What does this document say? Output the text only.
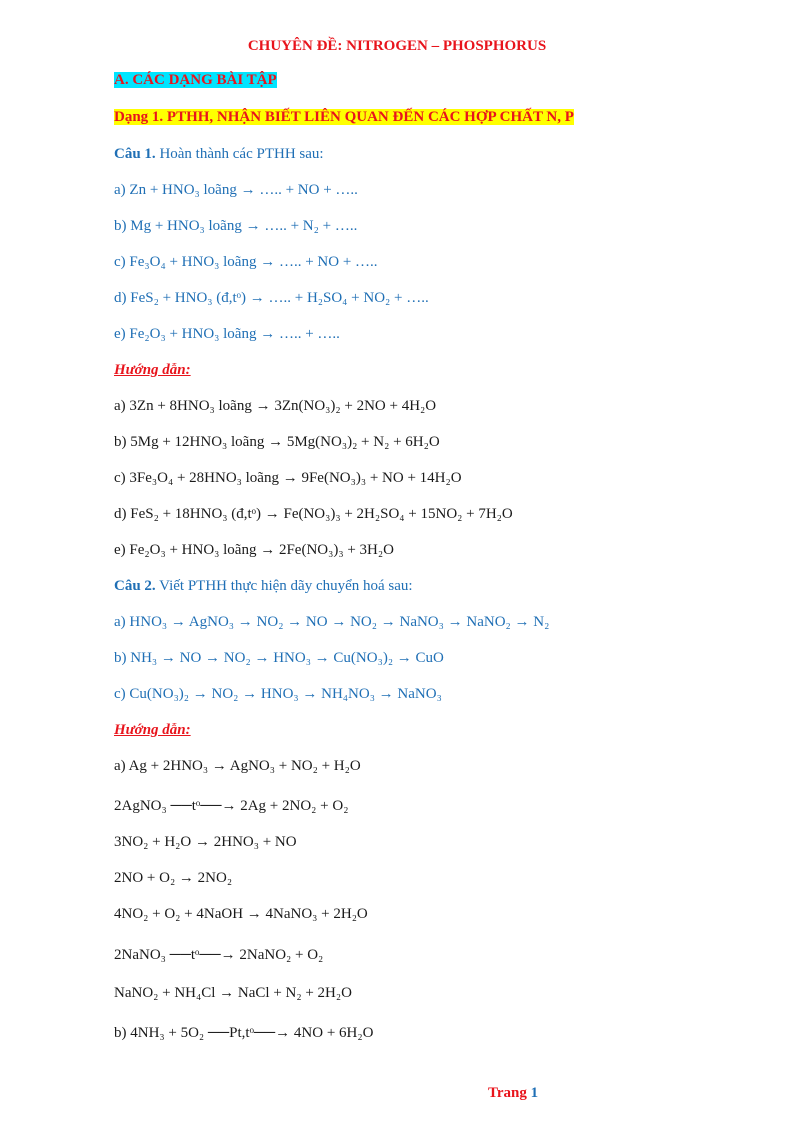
CHUYÊN ĐỀ: NITROGEN – PHOSPHORUS
A. CÁC DẠNG BÀI TẬP
Dạng 1. PTHH, NHẬN BIẾT LIÊN QUAN ĐẾN CÁC HỢP CHẤT N, P
Câu 1. Hoàn thành các PTHH sau:
a) Zn + HNO₃ loãng → ….. + NO + …..
b) Mg + HNO₃ loãng → ….. + N₂ + …..
c) Fe₃O₄ + HNO₃ loãng → ….. + NO + …..
d) FeS₂ + HNO₃ (đ,tᵒ) → ….. + H₂SO₄ + NO₂ + …..
e) Fe₂O₃ + HNO₃ loãng → ….. + …..
Hướng dẫn:
a) 3Zn + 8HNO₃ loãng → 3Zn(NO₃)₂ + 2NO + 4H₂O
b) 5Mg + 12HNO₃ loãng → 5Mg(NO₃)₂ + N₂ + 6H₂O
c) 3Fe₃O₄ + 28HNO₃ loãng → 9Fe(NO₃)₃ + NO + 14H₂O
d) FeS₂ + 18HNO₃ (đ,tᵒ) → Fe(NO₃)₃ + 2H₂SO₄ + 15NO₂ + 7H₂O
e) Fe₂O₃ + HNO₃ loãng → 2Fe(NO₃)₃ + 3H₂O
Câu 2. Viết PTHH thực hiện dãy chuyển hoá sau:
a) HNO₃ → AgNO₃ → NO₂ → NO → NO₂ → NaNO₃ → NaNO₂ → N₂
b) NH₃ → NO → NO₂ → HNO₃ → Cu(NO₃)₂ → CuO
c) Cu(NO₃)₂ → NO₂ → HNO₃ → NH₄NO₃ → NaNO₃
Hướng dẫn:
a) Ag + 2HNO₃ → AgNO₃ + NO₂ + H₂O
2AgNO₃ ──tᵒ──→ 2Ag + 2NO₂ + O₂
3NO₂ + H₂O → 2HNO₃ + NO
2NO + O₂ → 2NO₂
4NO₂ + O₂ + 4NaOH → 4NaNO₃ + 2H₂O
2NaNO₃ ──tᵒ──→ 2NaNO₂ + O₂
NaNO₂ + NH₄Cl → NaCl + N₂ + 2H₂O
b) 4NH₃ + 5O₂ ──Pt,tᵒ──→ 4NO + 6H₂O
Trang 1
